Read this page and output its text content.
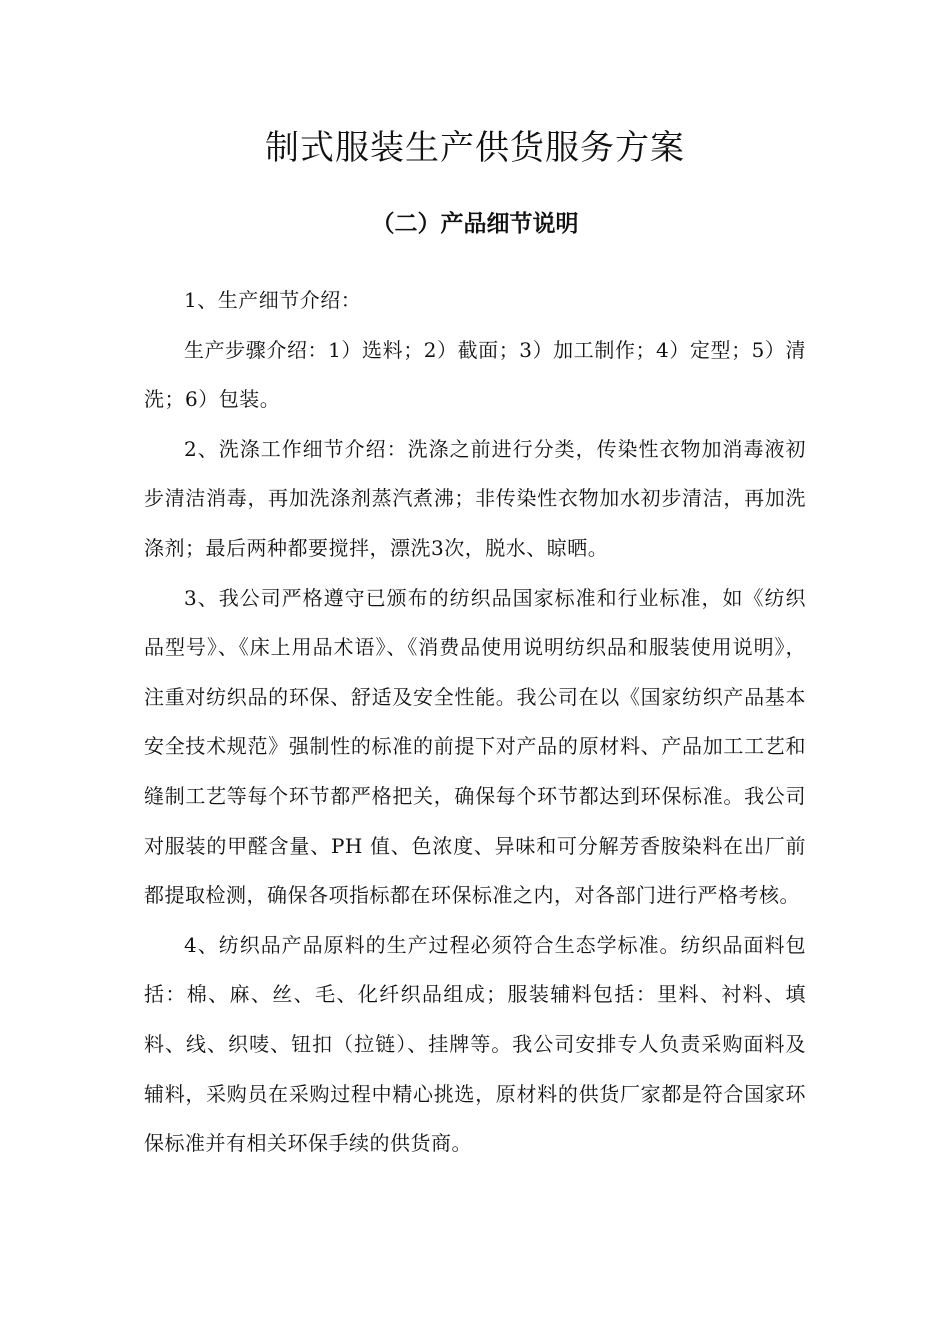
制式服装生产供货服务方案
（二）产品细节说明

1、生产细节介绍：

生产步骤介绍：1）选料；2）截面；3）加工制作；4）定型；5）清洗；6）包装。

2、洗涤工作细节介绍：洗涤之前进行分类，传染性衣物加消毒液初步清洁消毒，再加洗涤剂蒸汽煮沸；非传染性衣物加水初步清洁，再加洗涤剂；最后两种都要搅拌，漂洗3次，脱水、晾晒。

3、我公司严格遵守已颁布的纺织品国家标准和行业标准，如《纺织品型号》、《床上用品术语》、《消费品使用说明纺织品和服装使用说明》，注重对纺织品的环保、舒适及安全性能。我公司在以《国家纺织产品基本安全技术规范》强制性的标准的前提下对产品的原材料、产品加工工艺和缝制工艺等每个环节都严格把关，确保每个环节都达到环保标准。我公司对服装的甲醛含量、PH 值、色浓度、异味和可分解芳香胺染料在出厂前都提取检测，确保各项指标都在环保标准之内，对各部门进行严格考核。

4、纺织品产品原料的生产过程必须符合生态学标准。纺织品面料包括：棉、麻、丝、毛、化纤织品组成；服装辅料包括：里料、衬料、填料、线、织唛、钮扣（拉链）、挂牌等。我公司安排专人负责采购面料及辅料，采购员在采购过程中精心挑选，原材料的供货厂家都是符合国家环保标准并有相关环保手续的供货商。
